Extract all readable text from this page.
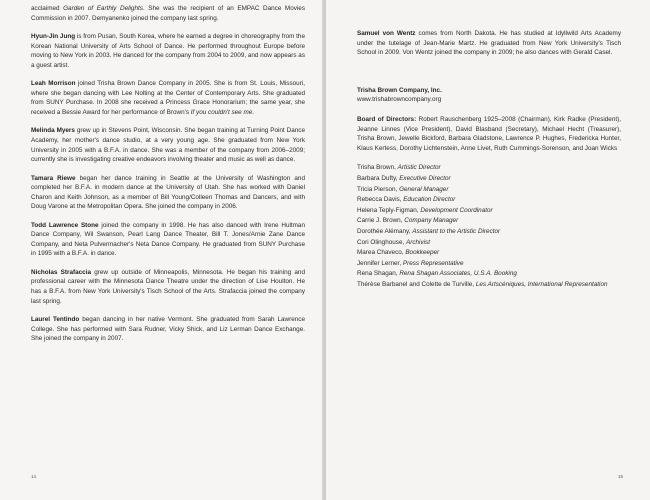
acclaimed Garden of Earthly Delights. She was the recipient of an EMPAC Dance Movies Commission in 2007. Demyanenko joined the company last spring.

Hyun-Jin Jung is from Pusan, South Korea, where he earned a degree in choreography from the Korean National University of Arts School of Dance. He performed throughout Europe before moving to New York in 2003. He danced for the company from 2004 to 2009, and now appears as a guest artist.

Leah Morrison joined Trisha Brown Dance Company in 2005. She is from St. Louis, Missouri, where she began dancing with Lee Nolting at the Center of Contemporary Arts. She graduated from SUNY Purchase. In 2008 she received a Princess Grace Honorarium; the same year, she received a Bessie Award for her performance of Brown's If you couldn't see me.

Melinda Myers grew up in Stevens Point, Wisconsin. She began training at Turning Point Dance Academy, her mother's dance studio, at a very young age. She graduated from New York University in 2005 with a B.F.A. in dance. She was a member of the company from 2006–2009; currently she is investigating creative endeavors involving theater and music as well as dance.

Tamara Riewe began her dance training in Seattle at the University of Washington and completed her B.F.A. in modern dance at the University of Utah. She has worked with Daniel Charon and Keith Johnson, as a member of Bill Young/Colleen Thomas and Dancers, and with Doug Varone at the Metropolitan Opera. She joined the company in 2006.

Todd Lawrence Stone joined the company in 1998. He has also danced with Irene Hultman Dance Company, Wil Swanson, Pearl Lang Dance Theater, Bill T. Jones/Arnie Zane Dance Company, and Neta Pulvermacher's Neta Dance Company. He graduated from SUNY Purchase in 1995 with a B.F.A. in dance.

Nicholas Strafaccia grew up outside of Minneapolis, Minnesota. He began his training and professional career with the Minnesota Dance Theatre under the direction of Lise Houlton. He has a B.F.A. from New York University's Tisch School of the Arts. Strafaccia joined the company last spring.

Laurel Tentindo began dancing in her native Vermont. She graduated from Sarah Lawrence College. She has performed with Sara Rudner, Vicky Shick, and Liz Lerman Dance Exchange. She joined the company in 2007.

14

Samuel von Wentz comes from North Dakota. He has studied at Idyllwild Arts Academy under the tutelage of Jean-Marie Martz. He graduated from New York University's Tisch School in 2009. Von Wentz joined the company in 2009; he also dances with Gerald Casel.

Trisha Brown Company, Inc.
www.trishabrowncompany.org

Board of Directors: Robert Rauschenberg 1925–2008 (Chairman), Kirk Radke (President), Jeanne Linnes (Vice President), David Blasband (Secretary), Michael Hecht (Treasurer), Trisha Brown, Jewelle Bickford, Barbara Gladstone, Lawrence P. Hughes, Fredericka Hunter, Klaus Kertess, Dorothy Lichtenstein, Anne Livet, Ruth Cummings-Sorenson, and Joan Wicks

Trisha Brown, Artistic Director
Barbara Dufty, Executive Director
Tricia Pierson, General Manager
Rebecca Davis, Education Director
Helena Teply-Figman, Development Coordinator
Carrie J. Brown, Company Manager
Dorothée Alémany, Assistant to the Artistic Director
Cori Olinghouse, Archivist
Marea Chaveco, Bookkeeper
Jennifer Lerner, Press Representative
Rena Shagan, Rena Shagan Associates, U.S.A. Booking
Thérèse Barbanel and Colette de Turville, Les Artscéniques, International Representation
15
